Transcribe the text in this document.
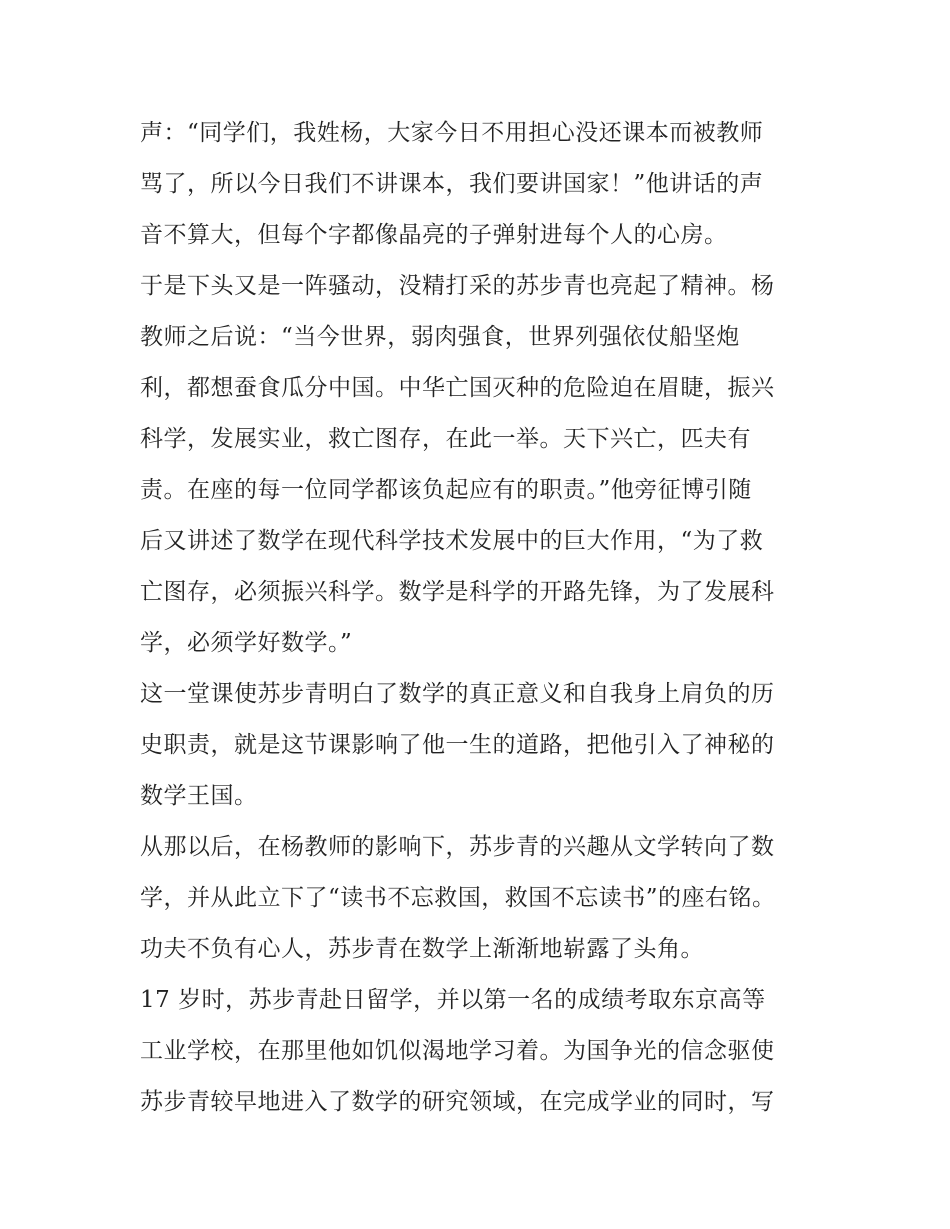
声：“同学们，我姓杨，大家今日不用担心没还课本而被教师
骂了，所以今日我们不讲课本，我们要讲国家！”他讲话的声
音不算大，但每个字都像晶亮的子弹射进每个人的心房。
于是下头又是一阵骚动，没精打采的苏步青也亮起了精神。杨
教师之后说：“当今世界，弱肉强食，世界列强依仗船坚炮
利，都想蚕食瓜分中国。中华亡国灭种的危险迫在眉睫，振兴
科学，发展实业，救亡图存，在此一举。天下兴亡，匹夫有
责。在座的每一位同学都该负起应有的职责。”他旁征博引随
后又讲述了数学在现代科学技术发展中的巨大作用，“为了救
亡图存，必须振兴科学。数学是科学的开路先锋，为了发展科
学，必须学好数学。”
这一堂课使苏步青明白了数学的真正意义和自我身上肩负的历
史职责，就是这节课影响了他一生的道路，把他引入了神秘的
数学王国。
从那以后，在杨教师的影响下，苏步青的兴趣从文学转向了数
学，并从此立下了“读书不忘救国，救国不忘读书”的座右铭。
功夫不负有心人，苏步青在数学上渐渐地崭露了头角。
17 岁时，苏步青赴日留学，并以第一名的成绩考取东京高等
工业学校，在那里他如饥似渴地学习着。为国争光的信念驱使
苏步青较早地进入了数学的研究领域，在完成学业的同时，写
